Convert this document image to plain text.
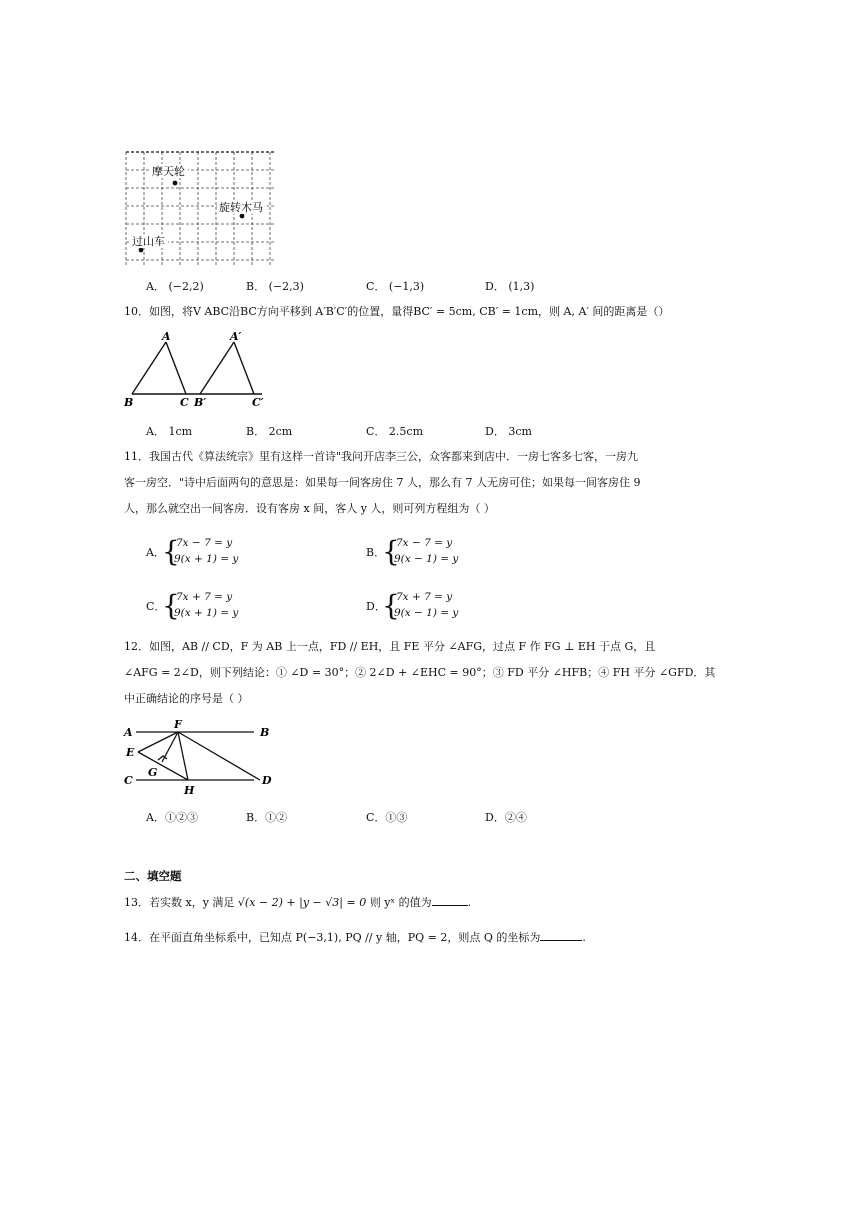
摩天轮
旋转木马
过山车
A． (−2,2)	B． (−2,3)	C． (−1,3)	D． (1,3)
10．如图，将V ABC沿BC方向平移到 A′B′C′的位置，量得BC′ = 5cm, CB′ = 1cm，则 A, A′ 间的距离是（）
A	A′
B	C B′	C′
A． 1cm	B． 2cm	C． 2.5cm	D． 3cm
11．我国古代《算法统宗》里有这样一首诗"我问开店李三公，众客都来到店中．一房七客多七客，一房九
客一房空．"诗中后面两句的意思是：如果每一间客房住 7 人，那么有 7 人无房可住；如果每一间客房住 9
人，那么就空出一间客房．设有客房 x 间，客人 y 人，则可列方程组为（ ）
A．
{
7x − 7 = y
9(x + 1) = y	B．
{
7x − 7 = y
9(x − 1) = y
C．
{
7x + 7 = y
9(x + 1) = y	D．
{
7x + 7 = y
9(x − 1) = y
12．如图，AB // CD，F 为 AB 上一点，FD // EH，且 FE 平分 ∠AFG，过点 F 作 FG ⊥ EH 于点 G，且
∠AFG = 2∠D，则下列结论：① ∠D = 30°；② 2∠D + ∠EHC = 90°；③ FD 平分 ∠HFB；④ FH 平分 ∠GFD．其
中正确结论的序号是（ ）
A
F
B
E
G
C
H
D
A．①②③	B．①②	C．①③	D．②④
二、填空题
13．若实数 x，y 满足 √(x − 2) + |y − √3| = 0 则 yˣ 的值为	.
14．在平面直角坐标系中，已知点 P(−3,1), PQ // y 轴，PQ = 2，则点 Q 的坐标为	.
